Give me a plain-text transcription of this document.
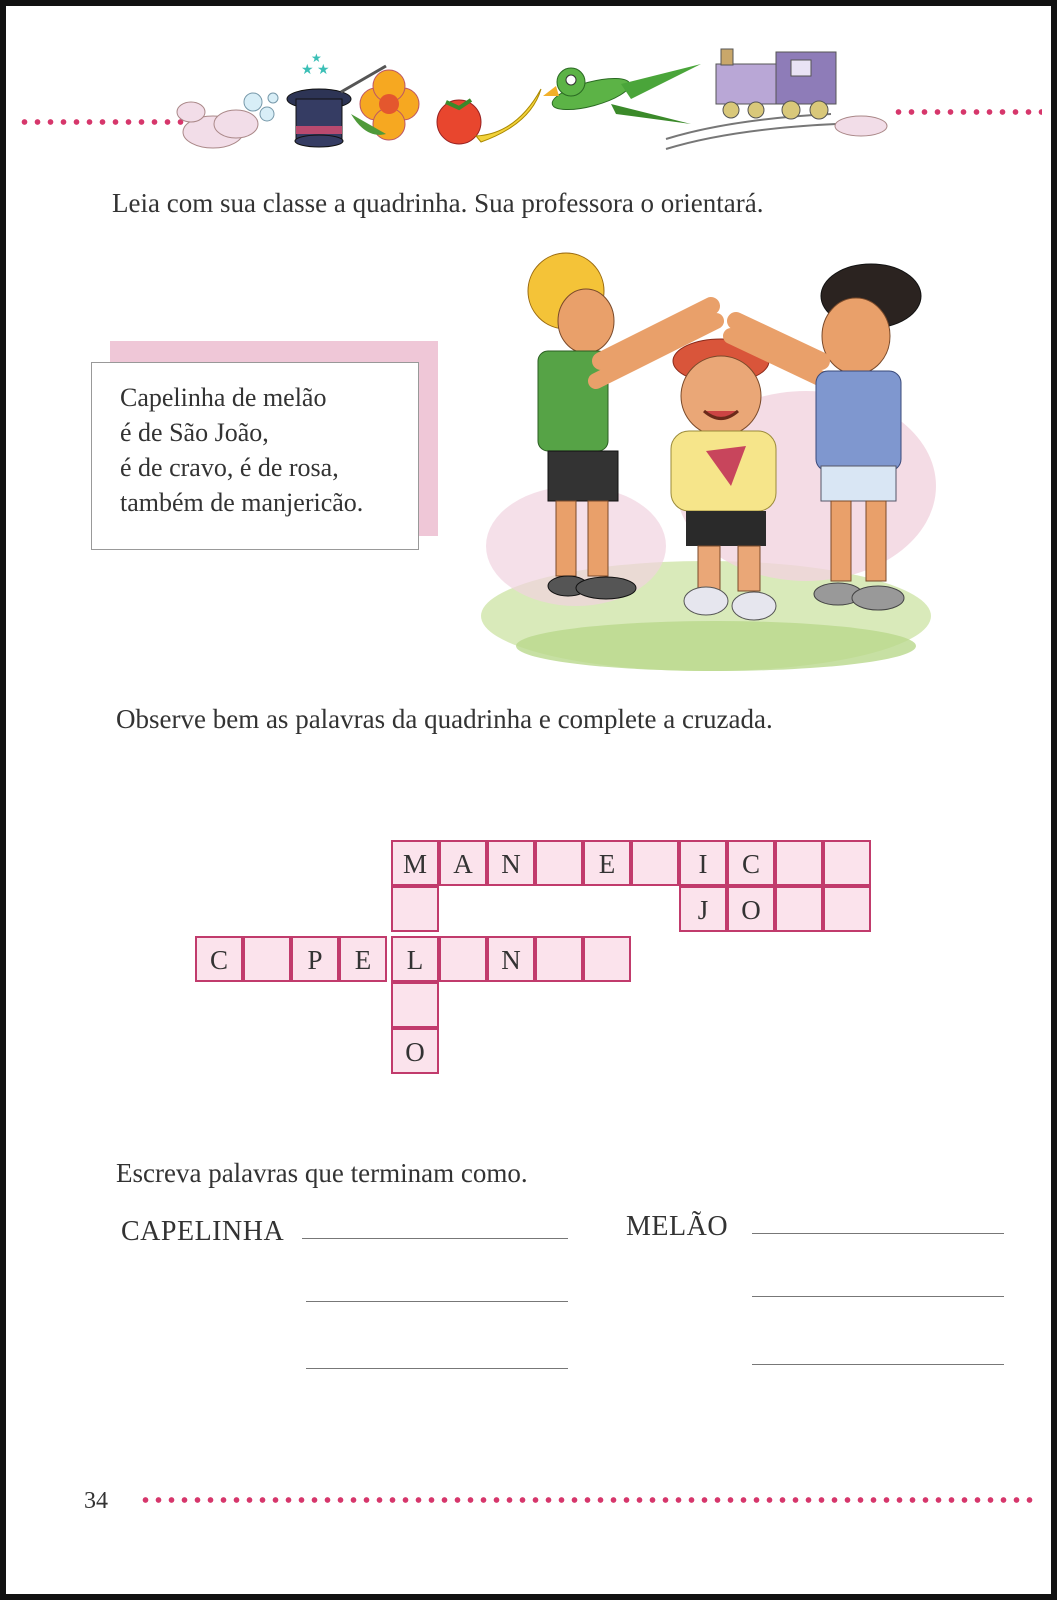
★ ★
★
Leia com sua classe a quadrinha. Sua professora o orientará.
Capelinha de melão
é de São João,
é de cravo, é de rosa,
também de manjericão.
Observe bem as palavras da quadrinha e complete a cruzada.
M A	N	E	I	C
J	O
C	P	E	L	N
O
Escreva palavras que terminam como.
CAPELINHA	MELÃO
34
